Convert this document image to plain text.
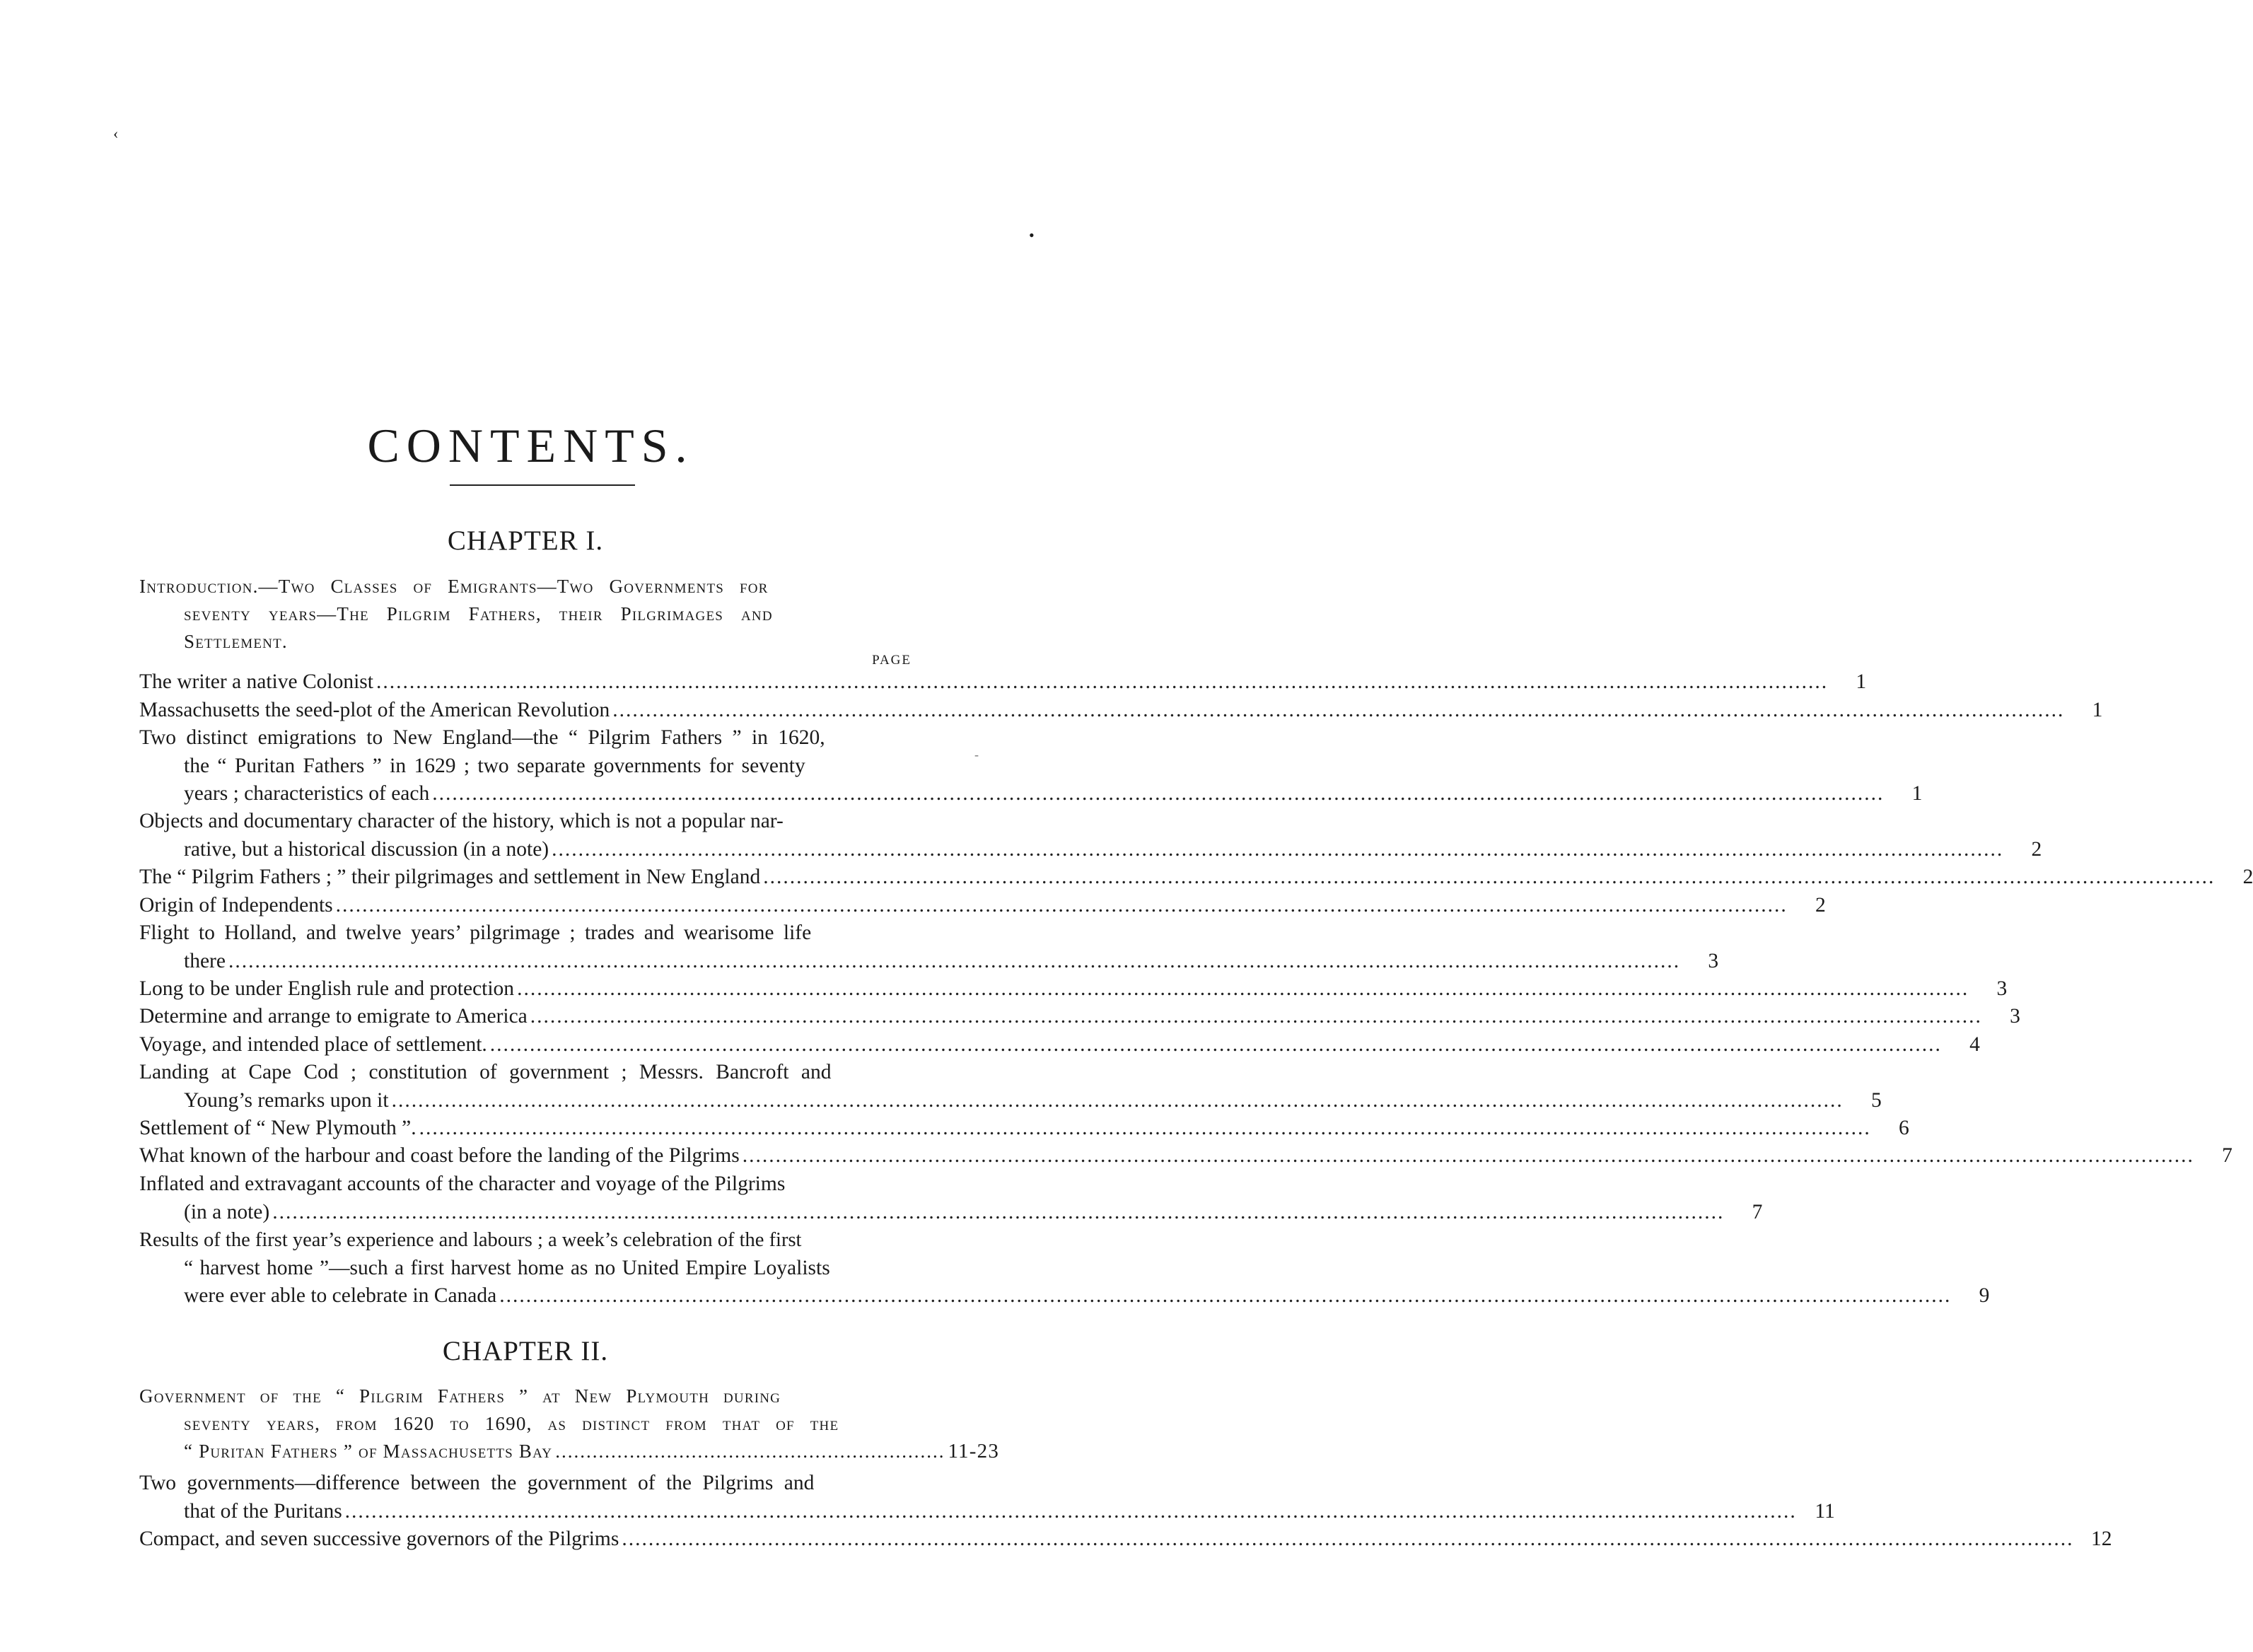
‹
•
‐
CONTENTS.
CHAPTER I.
Introduction.—Two Classes of Emigrants—Two Governments for
seventy years—The Pilgrim Fathers, their Pilgrimages and
Settlement.
PAGE
The writer a native Colonist .....	1
Massachusetts the seed-plot of the American Revolution .....	1
Two distinct emigrations to New England—the “ Pilgrim Fathers ” in 1620,
the “ Puritan Fathers ” in 1629 ; two separate governments for seventy
years ; characteristics of each .....	1
Objects and documentary character of the history, which is not a popular nar-
rative, but a historical discussion (in a note) .....	2
The “ Pilgrim Fathers ; ” their pilgrimages and settlement in New England .....	2
Origin of Independents .....	2
Flight to Holland, and twelve years’ pilgrimage ; trades and wearisome life
there .....	3
Long to be under English rule and protection .....	3
Determine and arrange to emigrate to America .....	3
Voyage, and intended place of settlement. .....	4
Landing at Cape Cod ; constitution of government ; Messrs. Bancroft and
Young’s remarks upon it .....	5
Settlement of “ New Plymouth ”. .....	6
What known of the harbour and coast before the landing of the Pilgrims .....	7
Inflated and extravagant accounts of the character and voyage of the Pilgrims
(in a note) .....	7
Results of the first year’s experience and labours ; a week’s celebration of the first
“ harvest home ”—such a first harvest home as no United Empire Loyalists
were ever able to celebrate in Canada .....	9
CHAPTER II.
Government of the “ Pilgrim Fathers ” at New Plymouth during
seventy years, from 1620 to 1690, as distinct from that of the
“ Puritan Fathers ” of Massachusetts Bay ............................................................... 11-23
Two governments—difference between the government of the Pilgrims and
that of the Puritans .....	11
Compact, and seven successive governors of the Pilgrims .....	12
